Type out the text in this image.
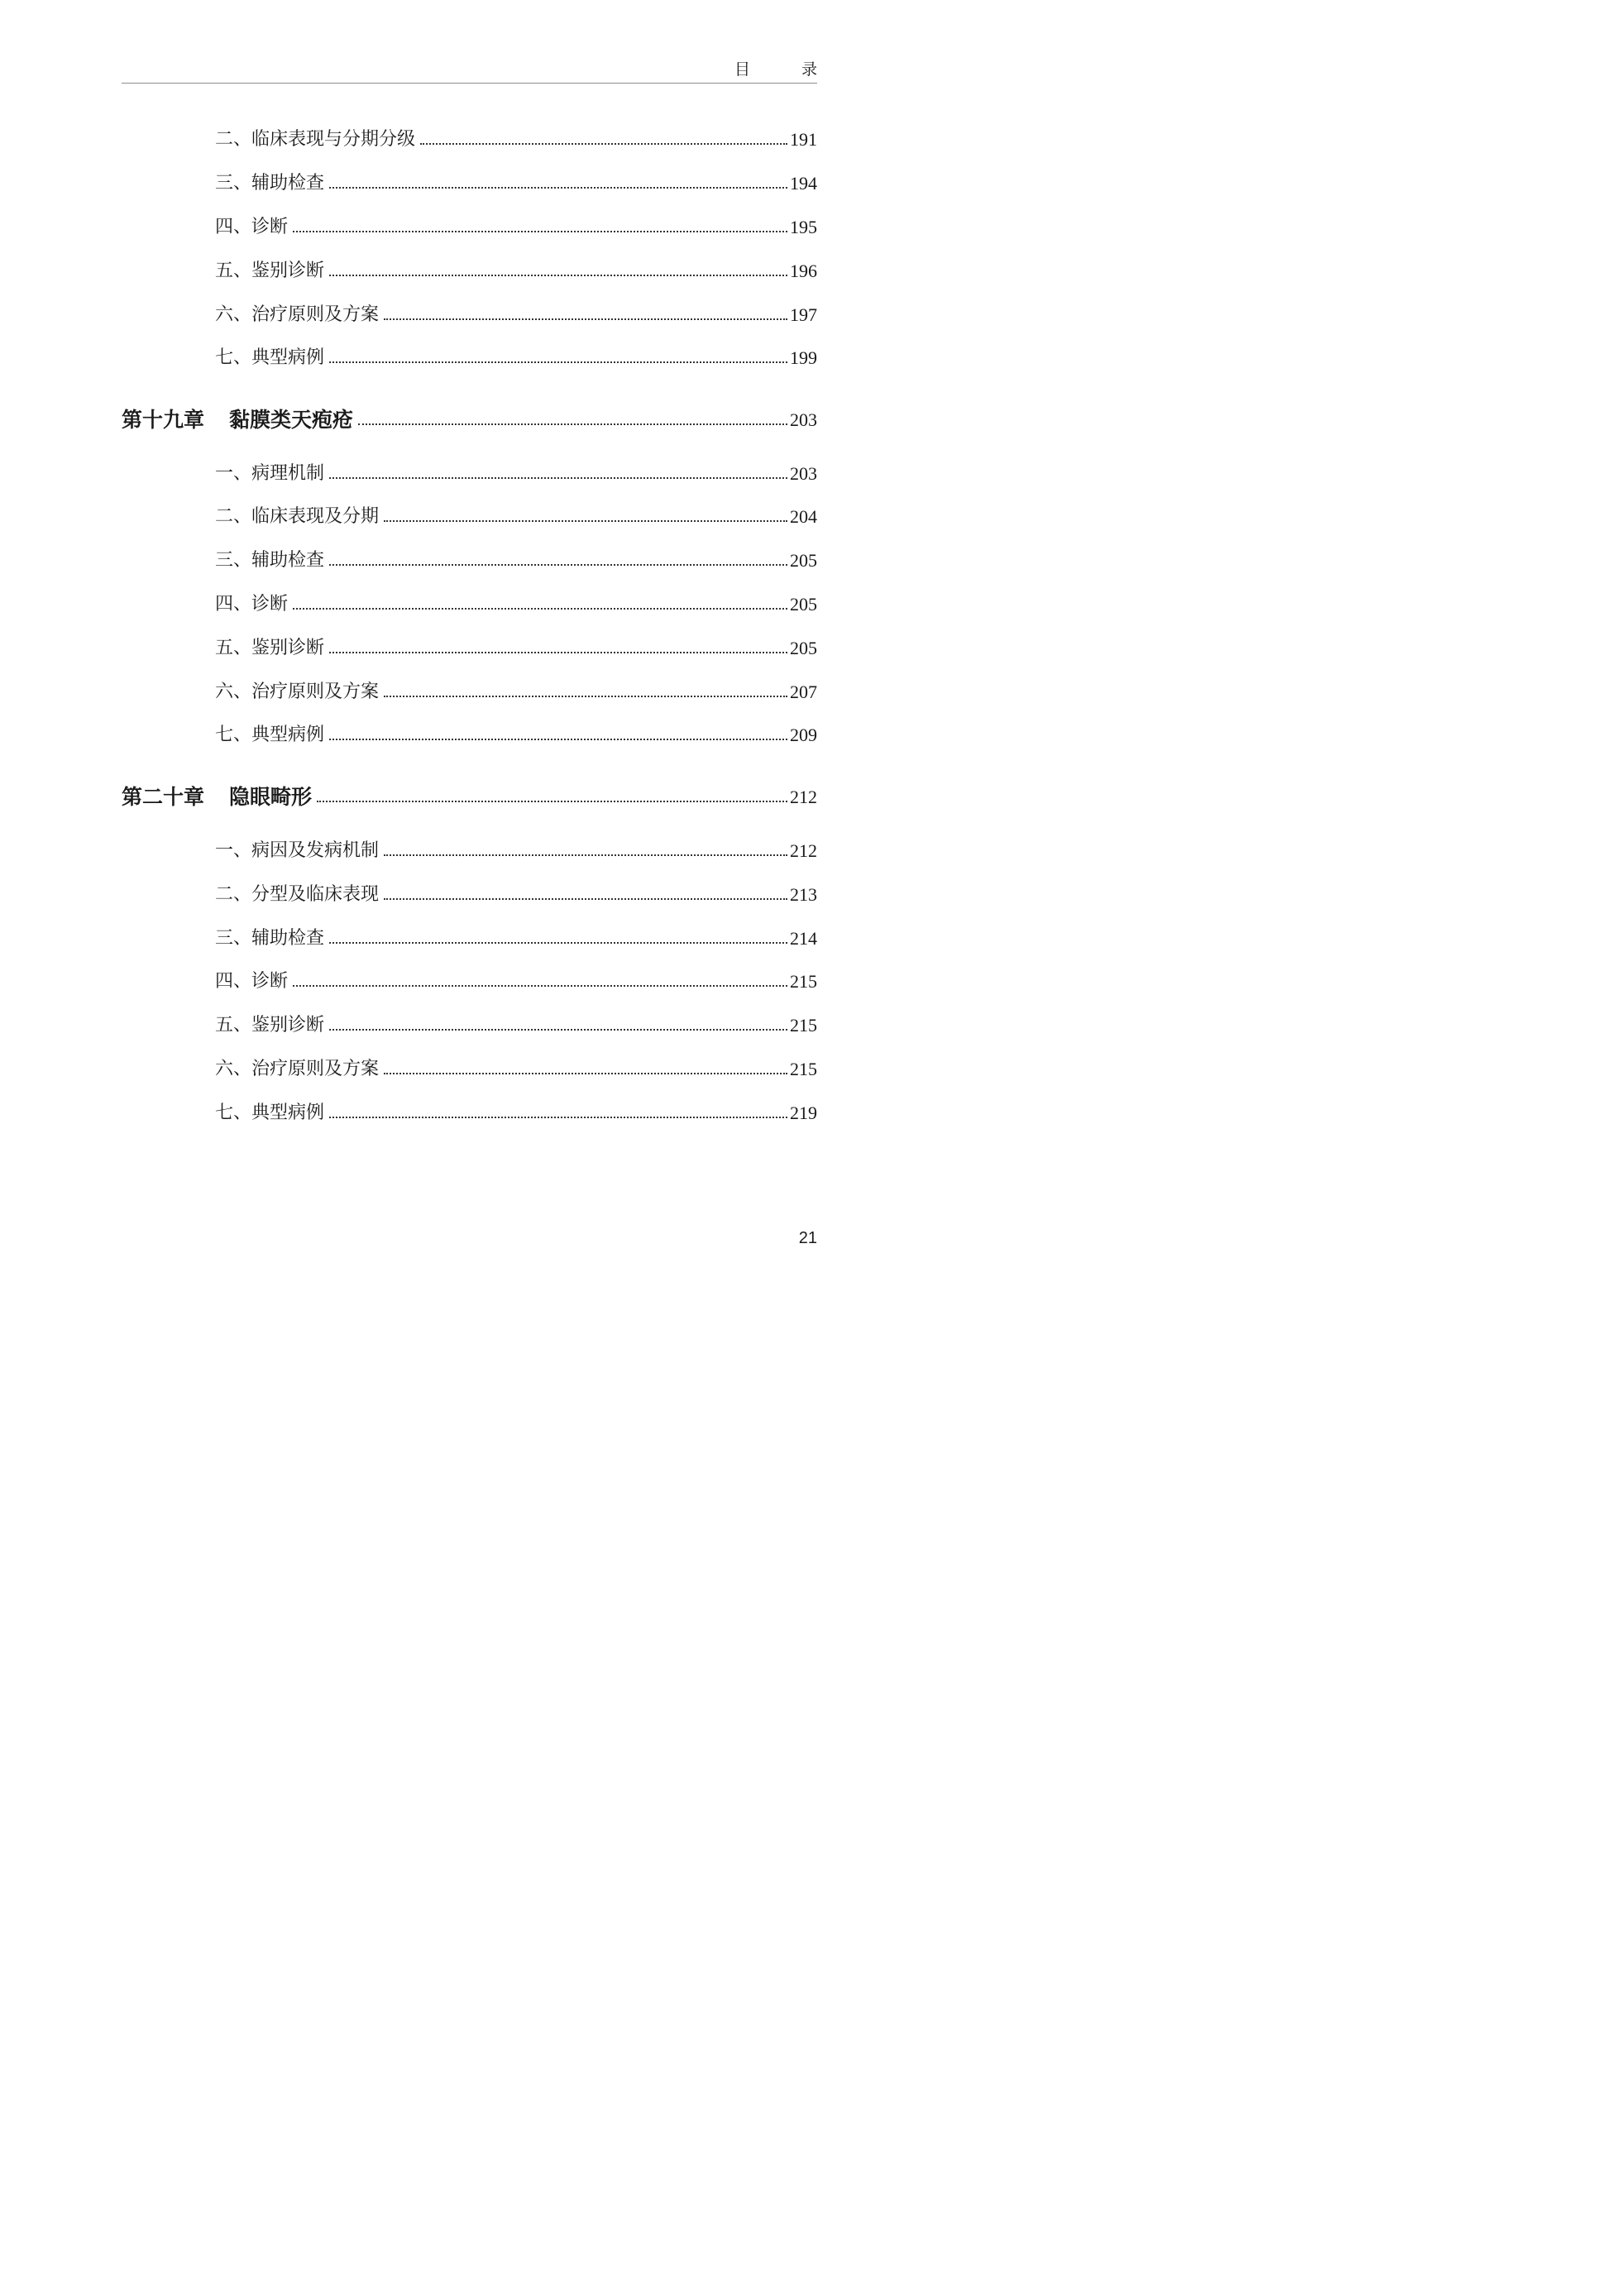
目 录
二、临床表现与分期分级	191
三、辅助检查	194
四、诊断	195
五、鉴别诊断	196
六、治疗原则及方案	197
七、典型病例	199
第十九章 黏膜类天疱疮	203
一、病理机制	203
二、临床表现及分期	204
三、辅助检查	205
四、诊断	205
五、鉴别诊断	205
六、治疗原则及方案	207
七、典型病例	209
第二十章 隐眼畸形	212
一、病因及发病机制	212
二、分型及临床表现	213
三、辅助检查	214
四、诊断	215
五、鉴别诊断	215
六、治疗原则及方案	215
七、典型病例	219
21
